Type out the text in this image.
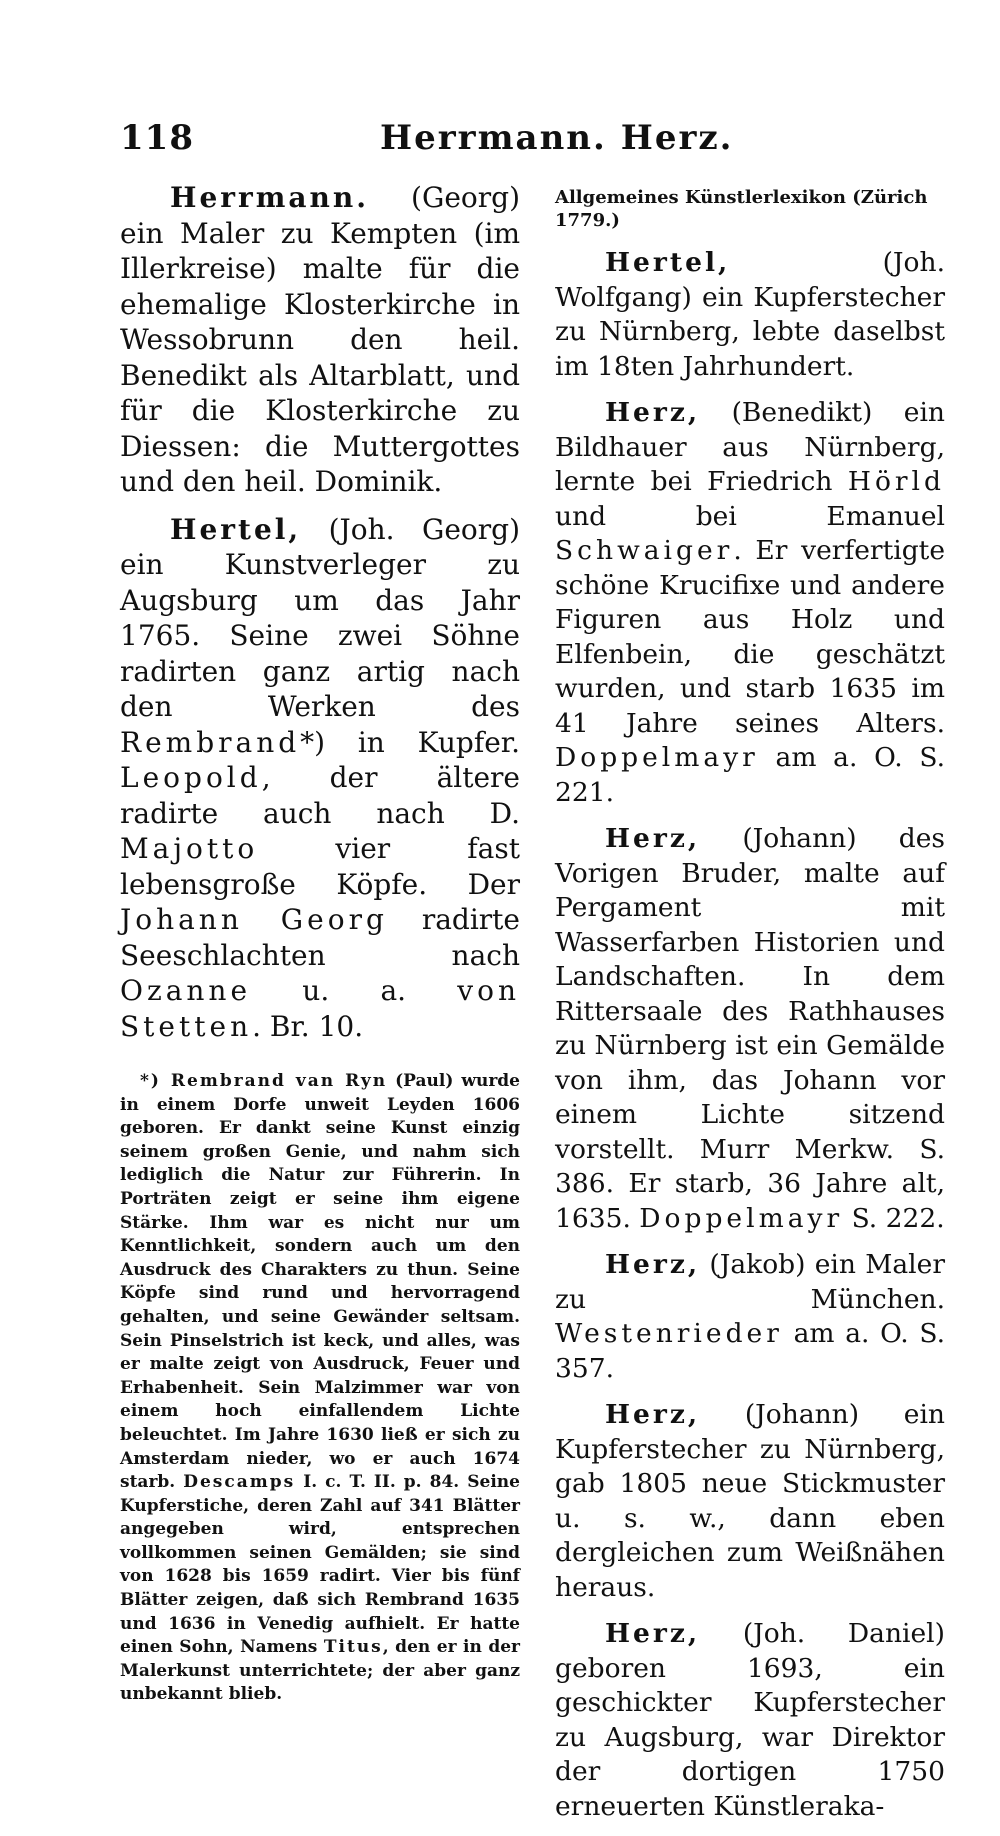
118	Herrmann. Herz.

Herrmann. (Georg) ein Maler zu Kempten (im Illerkreise) malte für die ehemalige Klosterkirche in Wessobrunn den heil. Benedikt als Altarblatt, und für die Klosterkirche zu Diessen: die Muttergottes und den heil. Dominik.

Hertel, (Joh. Georg) ein Kunstverleger zu Augsburg um das Jahr 1765. Seine zwei Söhne radirten ganz artig nach den Werken des Rembrand*) in Kupfer. Leopold, der ältere radirte auch nach D. Majotto vier fast lebensgroße Köpfe. Der Johann Georg radirte Seeschlachten nach Ozanne u. a. von Stetten. Br. 10.

*) Rembrand van Ryn (Paul) wurde in einem Dorfe unweit Leyden 1606 geboren. Er dankt seine Kunst einzig seinem großen Genie, und nahm sich lediglich die Natur zur Führerin. In Porträten zeigt er seine ihm eigene Stärke. Ihm war es nicht nur um Kenntlichkeit, sondern auch um den Ausdruck des Charakters zu thun. Seine Köpfe sind rund und hervorragend gehalten, und seine Gewänder seltsam. Sein Pinselstrich ist keck, und alles, was er malte zeigt von Ausdruck, Feuer und Erhabenheit. Sein Malzimmer war von einem hoch einfallendem Lichte beleuchtet. Im Jahre 1630 ließ er sich zu Amsterdam nieder, wo er auch 1674 starb. Descamps I. c. T. II. p. 84. Seine Kupferstiche, deren Zahl auf 341 Blätter angegeben wird, entsprechen vollkommen seinen Gemälden; sie sind von 1628 bis 1659 radirt. Vier bis fünf Blätter zeigen, daß sich Rembrand 1635 und 1636 in Venedig aufhielt. Er hatte einen Sohn, Namens Titus, den er in der Malerkunst unterrichtete; der aber ganz unbekannt blieb.

Allgemeines Künstlerlexikon (Zürich 1779.)

Hertel, (Joh. Wolfgang) ein Kupferstecher zu Nürnberg, lebte daselbst im 18ten Jahrhundert.

Herz, (Benedikt) ein Bildhauer aus Nürnberg, lernte bei Friedrich Hörld und bei Emanuel Schwaiger. Er verfertigte schöne Krucifixe und andere Figuren aus Holz und Elfenbein, die geschätzt wurden, und starb 1635 im 41 Jahre seines Alters. Doppelmayr am a. O. S. 221.

Herz, (Johann) des Vorigen Bruder, malte auf Pergament mit Wasserfarben Historien und Landschaften. In dem Rittersaale des Rathhauses zu Nürnberg ist ein Gemälde von ihm, das Johann vor einem Lichte sitzend vorstellt. Murr Merkw. S. 386. Er starb, 36 Jahre alt, 1635. Doppelmayr S. 222.

Herz, (Jakob) ein Maler zu München. Westenrieder am a. O. S. 357.

Herz, (Johann) ein Kupferstecher zu Nürnberg, gab 1805 neue Stickmuster u. s. w., dann eben dergleichen zum Weißnähen heraus.

Herz, (Joh. Daniel) geboren 1693, ein geschickter Kupferstecher zu Augsburg, war Direktor der dortigen 1750 erneuerten Künstleraka-
